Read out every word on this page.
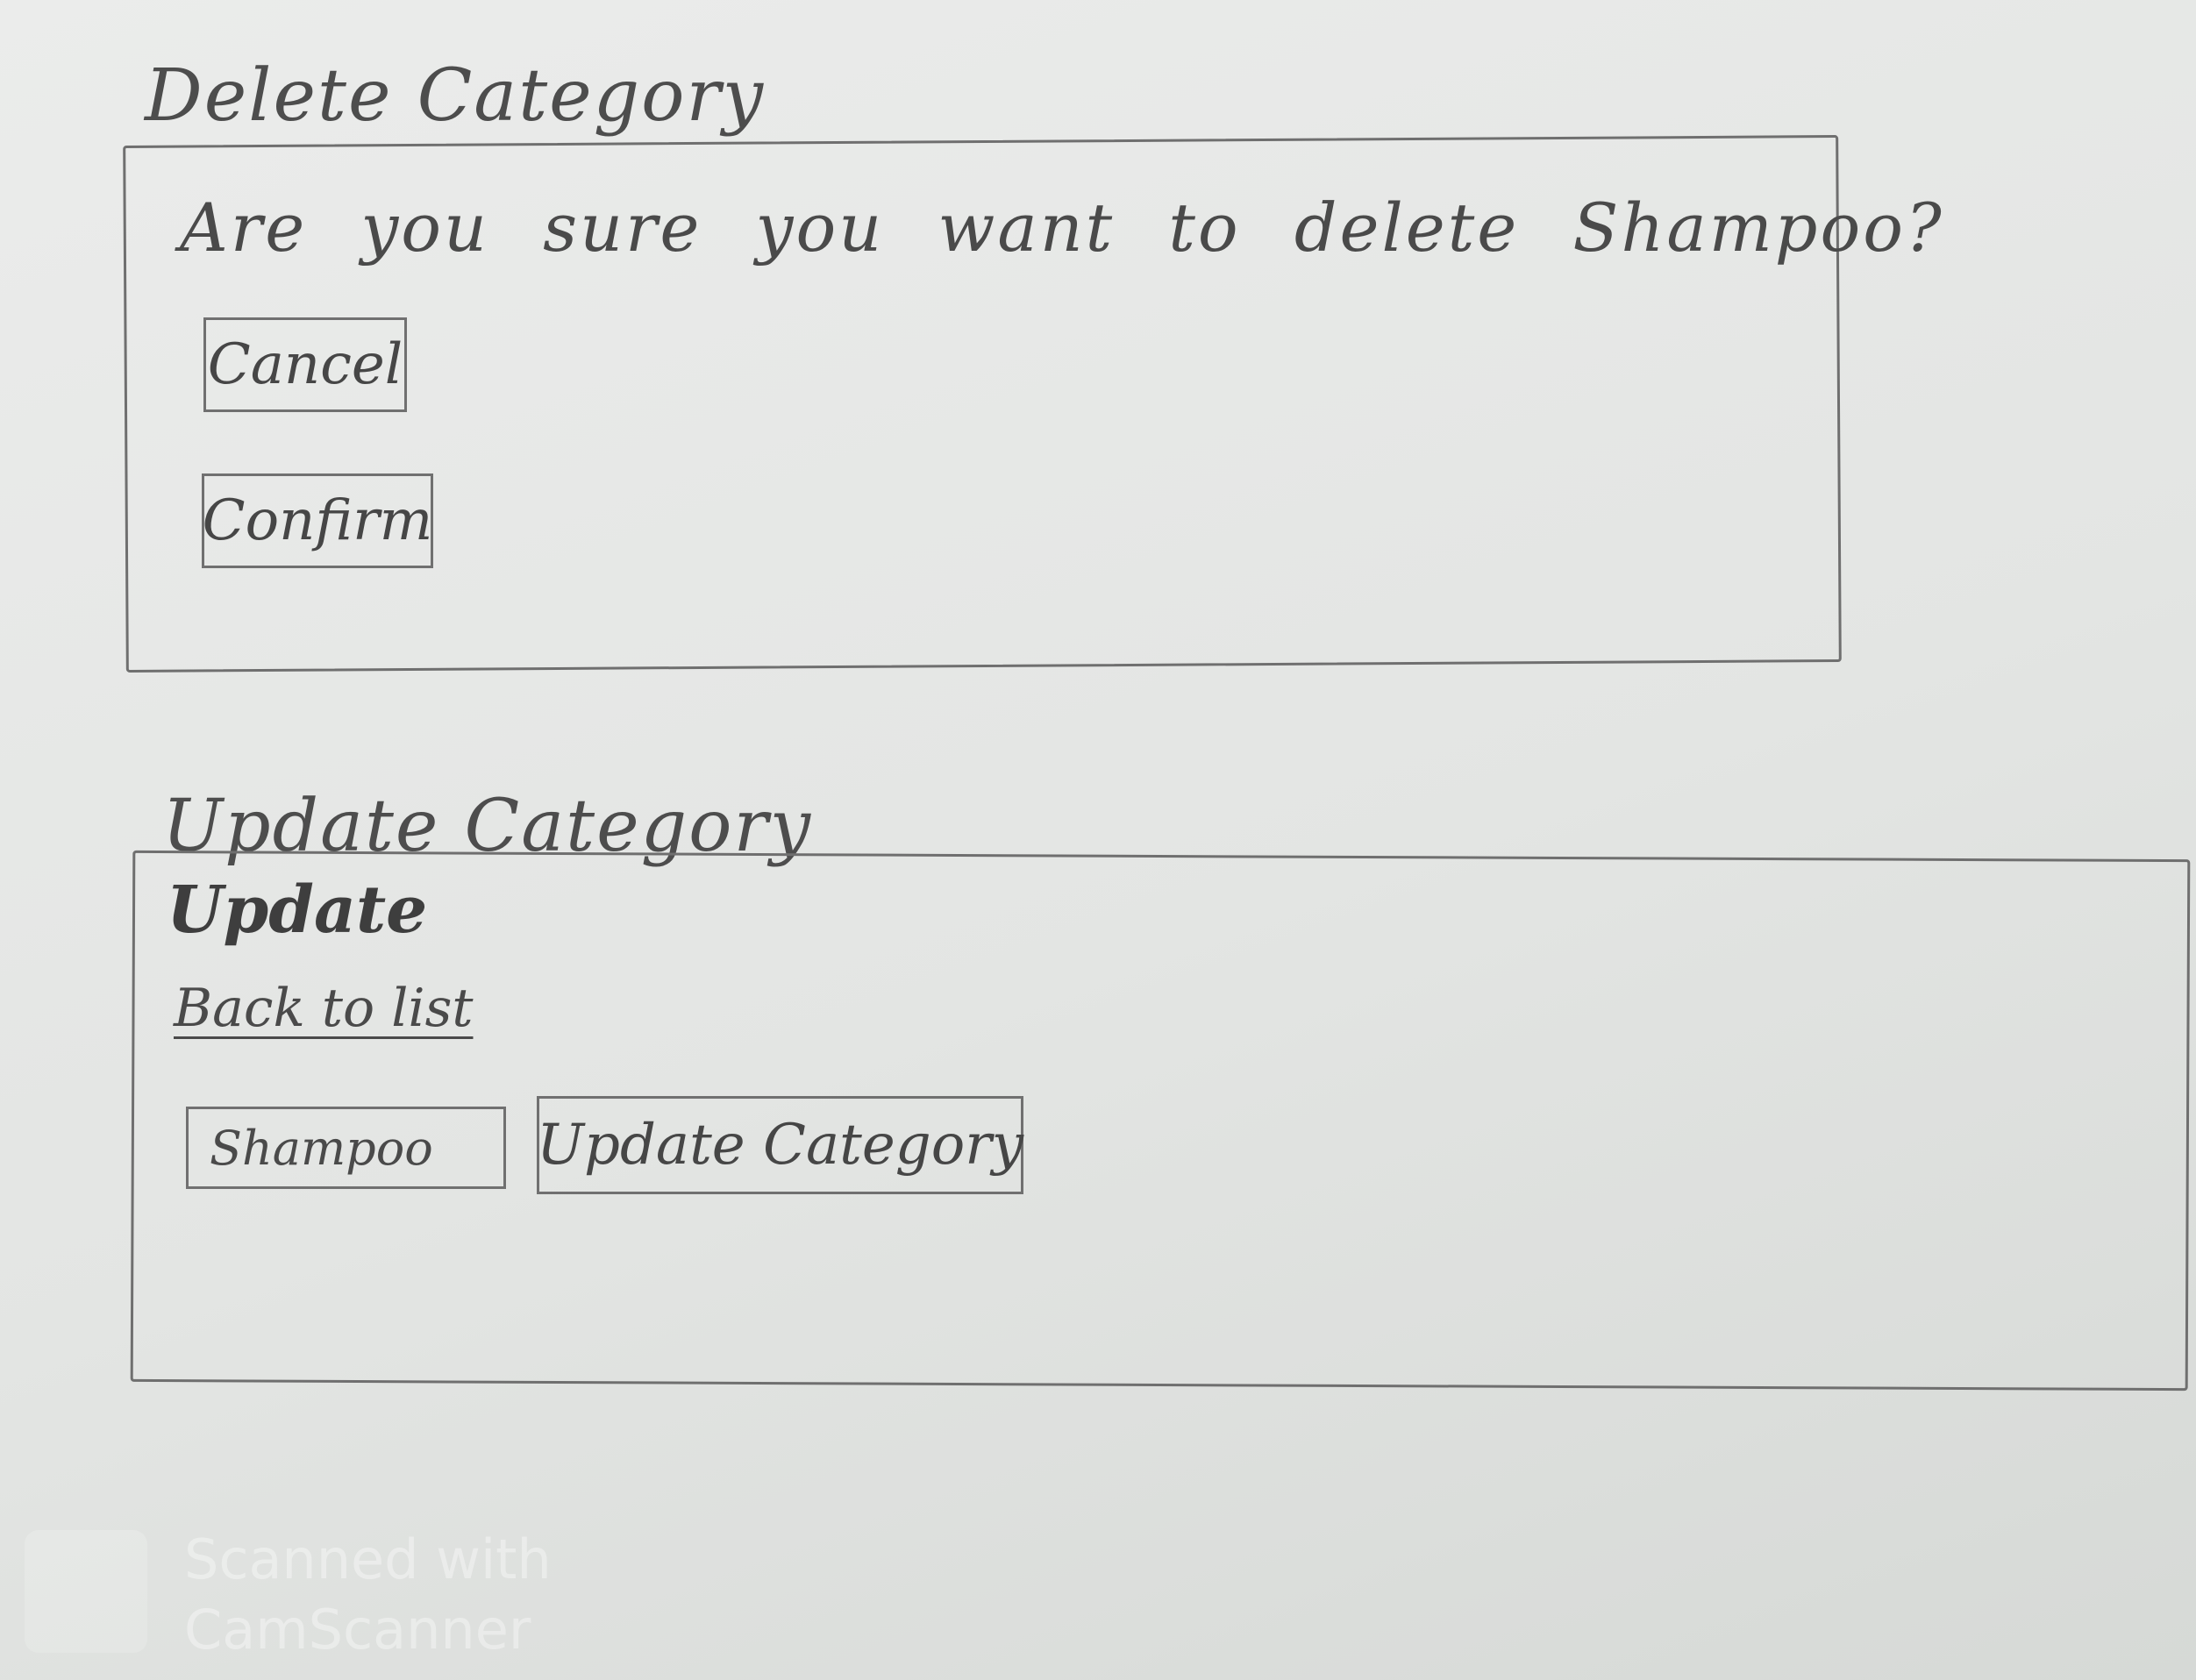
Delete Category
Are you sure you want to delete Shampoo?
Cancel
Confirm
Update Category
Update
Back to list
Shampoo	Update Category
Scanned with
CamScanner
